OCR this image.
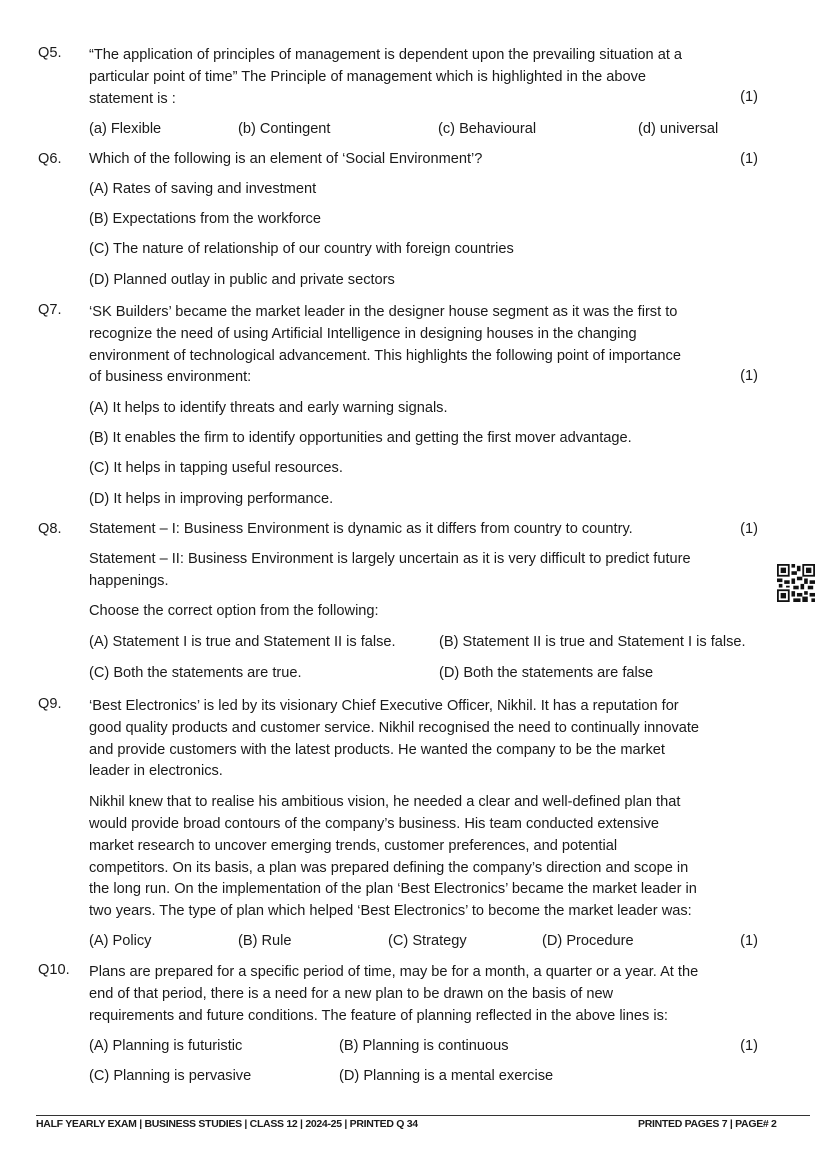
Q5.	“The application of principles of management is dependent upon the prevailing situation at a
particular point of time” The Principle of management which is highlighted in the above
statement is :	(1)
(a) Flexible	(b) Contingent	(c) Behavioural	(d) universal
Q6.	Which of the following is an element of ‘Social Environment’?	(1)
(A) Rates of saving and investment
(B) Expectations from the workforce
(C) The nature of relationship of our country with foreign countries
(D) Planned outlay in public and private sectors
Q7.	‘SK Builders’ became the market leader in the designer house segment as it was the first to
recognize the need of using Artificial Intelligence in designing houses in the changing
environment of technological advancement. This highlights the following point of importance
of business environment:	(1)
(A) It helps to identify threats and early warning signals.
(B) It enables the firm to identify opportunities and getting the first mover advantage.
(C) It helps in tapping useful resources.
(D) It helps in improving performance.
Q8.	Statement – I: Business Environment is dynamic as it differs from country to country.	(1)
Statement – II: Business Environment is largely uncertain as it is very difficult to predict future
happenings.
Choose the correct option from the following:
(A) Statement I is true and Statement II is false.	(B) Statement II is true and Statement I is false.
(C) Both the statements are true.	(D) Both the statements are false
Q9.	‘Best Electronics’ is led by its visionary Chief Executive Officer, Nikhil. It has a reputation for
good quality products and customer service. Nikhil recognised the need to continually innovate
and provide customers with the latest products. He wanted the company to be the market
leader in electronics.
Nikhil knew that to realise his ambitious vision, he needed a clear and well-defined plan that
would provide broad contours of the company’s business. His team conducted extensive
market research to uncover emerging trends, customer preferences, and potential
competitors. On its basis, a plan was prepared defining the company’s direction and scope in
the long run. On the implementation of the plan ‘Best Electronics’ became the market leader in
two years. The type of plan which helped ‘Best Electronics’ to become the market leader was:
(A) Policy	(B) Rule	(C) Strategy	(D) Procedure	(1)
Q10.	Plans are prepared for a specific period of time, may be for a month, a quarter or a year. At the
end of that period, there is a need for a new plan to be drawn on the basis of new
requirements and future conditions. The feature of planning reflected in the above lines is:
(A) Planning is futuristic	(B) Planning is continuous	(1)
(C) Planning is pervasive	(D) Planning is a mental exercise
HALF YEARLY EXAM | BUSINESS STUDIES | CLASS 12 | 2024-25 | PRINTED Q 34	PRINTED PAGES 7 | PAGE# 2
